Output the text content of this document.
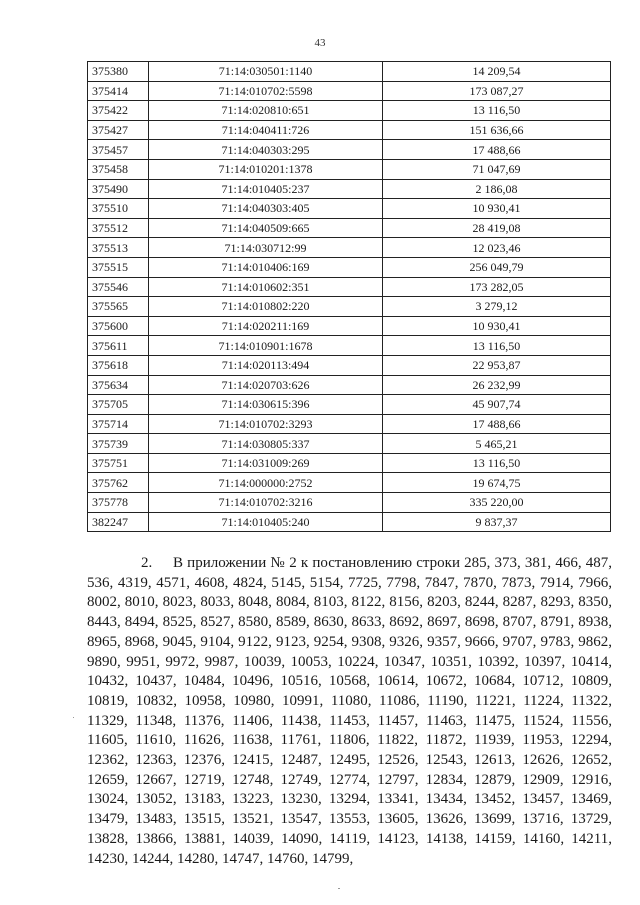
43
375380	71:14:030501:1140	14 209,54
375414	71:14:010702:5598	173 087,27
375422	71:14:020810:651	13 116,50
375427	71:14:040411:726	151 636,66
375457	71:14:040303:295	17 488,66
375458	71:14:010201:1378	71 047,69
375490	71:14:010405:237	2 186,08
375510	71:14:040303:405	10 930,41
375512	71:14:040509:665	28 419,08
375513	71:14:030712:99	12 023,46
375515	71:14:010406:169	256 049,79
375546	71:14:010602:351	173 282,05
375565	71:14:010802:220	3 279,12
375600	71:14:020211:169	10 930,41
375611	71:14:010901:1678	13 116,50
375618	71:14:020113:494	22 953,87
375634	71:14:020703:626	26 232,99
375705	71:14:030615:396	45 907,74
375714	71:14:010702:3293	17 488,66
375739	71:14:030805:337	5 465,21
375751	71:14:031009:269	13 116,50
375762	71:14:000000:2752	19 674,75
375778	71:14:010702:3216	335 220,00
382247	71:14:010405:240	9 837,37
2.     В приложении № 2 к постановлению строки 285, 373, 381, 466, 487, 536, 4319, 4571, 4608, 4824, 5145, 5154, 7725, 7798, 7847, 7870, 7873, 7914, 7966, 8002, 8010, 8023, 8033, 8048, 8084, 8103, 8122, 8156, 8203, 8244, 8287, 8293, 8350, 8443, 8494, 8525, 8527, 8580, 8589, 8630, 8633, 8692, 8697, 8698, 8707, 8791, 8938, 8965, 8968, 9045, 9104, 9122, 9123, 9254, 9308, 9326, 9357, 9666, 9707, 9783, 9862, 9890, 9951, 9972, 9987, 10039, 10053, 10224, 10347, 10351, 10392, 10397, 10414, 10432, 10437, 10484, 10496, 10516, 10568, 10614, 10672, 10684, 10712, 10809, 10819, 10832, 10958, 10980, 10991, 11080, 11086, 11190, 11221, 11224, 11322, 11329, 11348, 11376, 11406, 11438, 11453, 11457, 11463, 11475, 11524, 11556, 11605, 11610, 11626, 11638, 11761, 11806, 11822, 11872, 11939, 11953, 12294, 12362, 12363, 12376, 12415, 12487, 12495, 12526, 12543, 12613, 12626, 12652, 12659, 12667, 12719, 12748, 12749, 12774, 12797, 12834, 12879, 12909, 12916, 13024, 13052, 13183, 13223, 13230, 13294, 13341, 13434, 13452, 13457, 13469, 13479, 13483, 13515, 13521, 13547, 13553, 13605, 13626, 13699, 13716, 13729, 13828, 13866, 13881, 14039, 14090, 14119, 14123, 14138, 14159, 14160, 14211, 14230, 14244, 14280, 14747, 14760, 14799,
